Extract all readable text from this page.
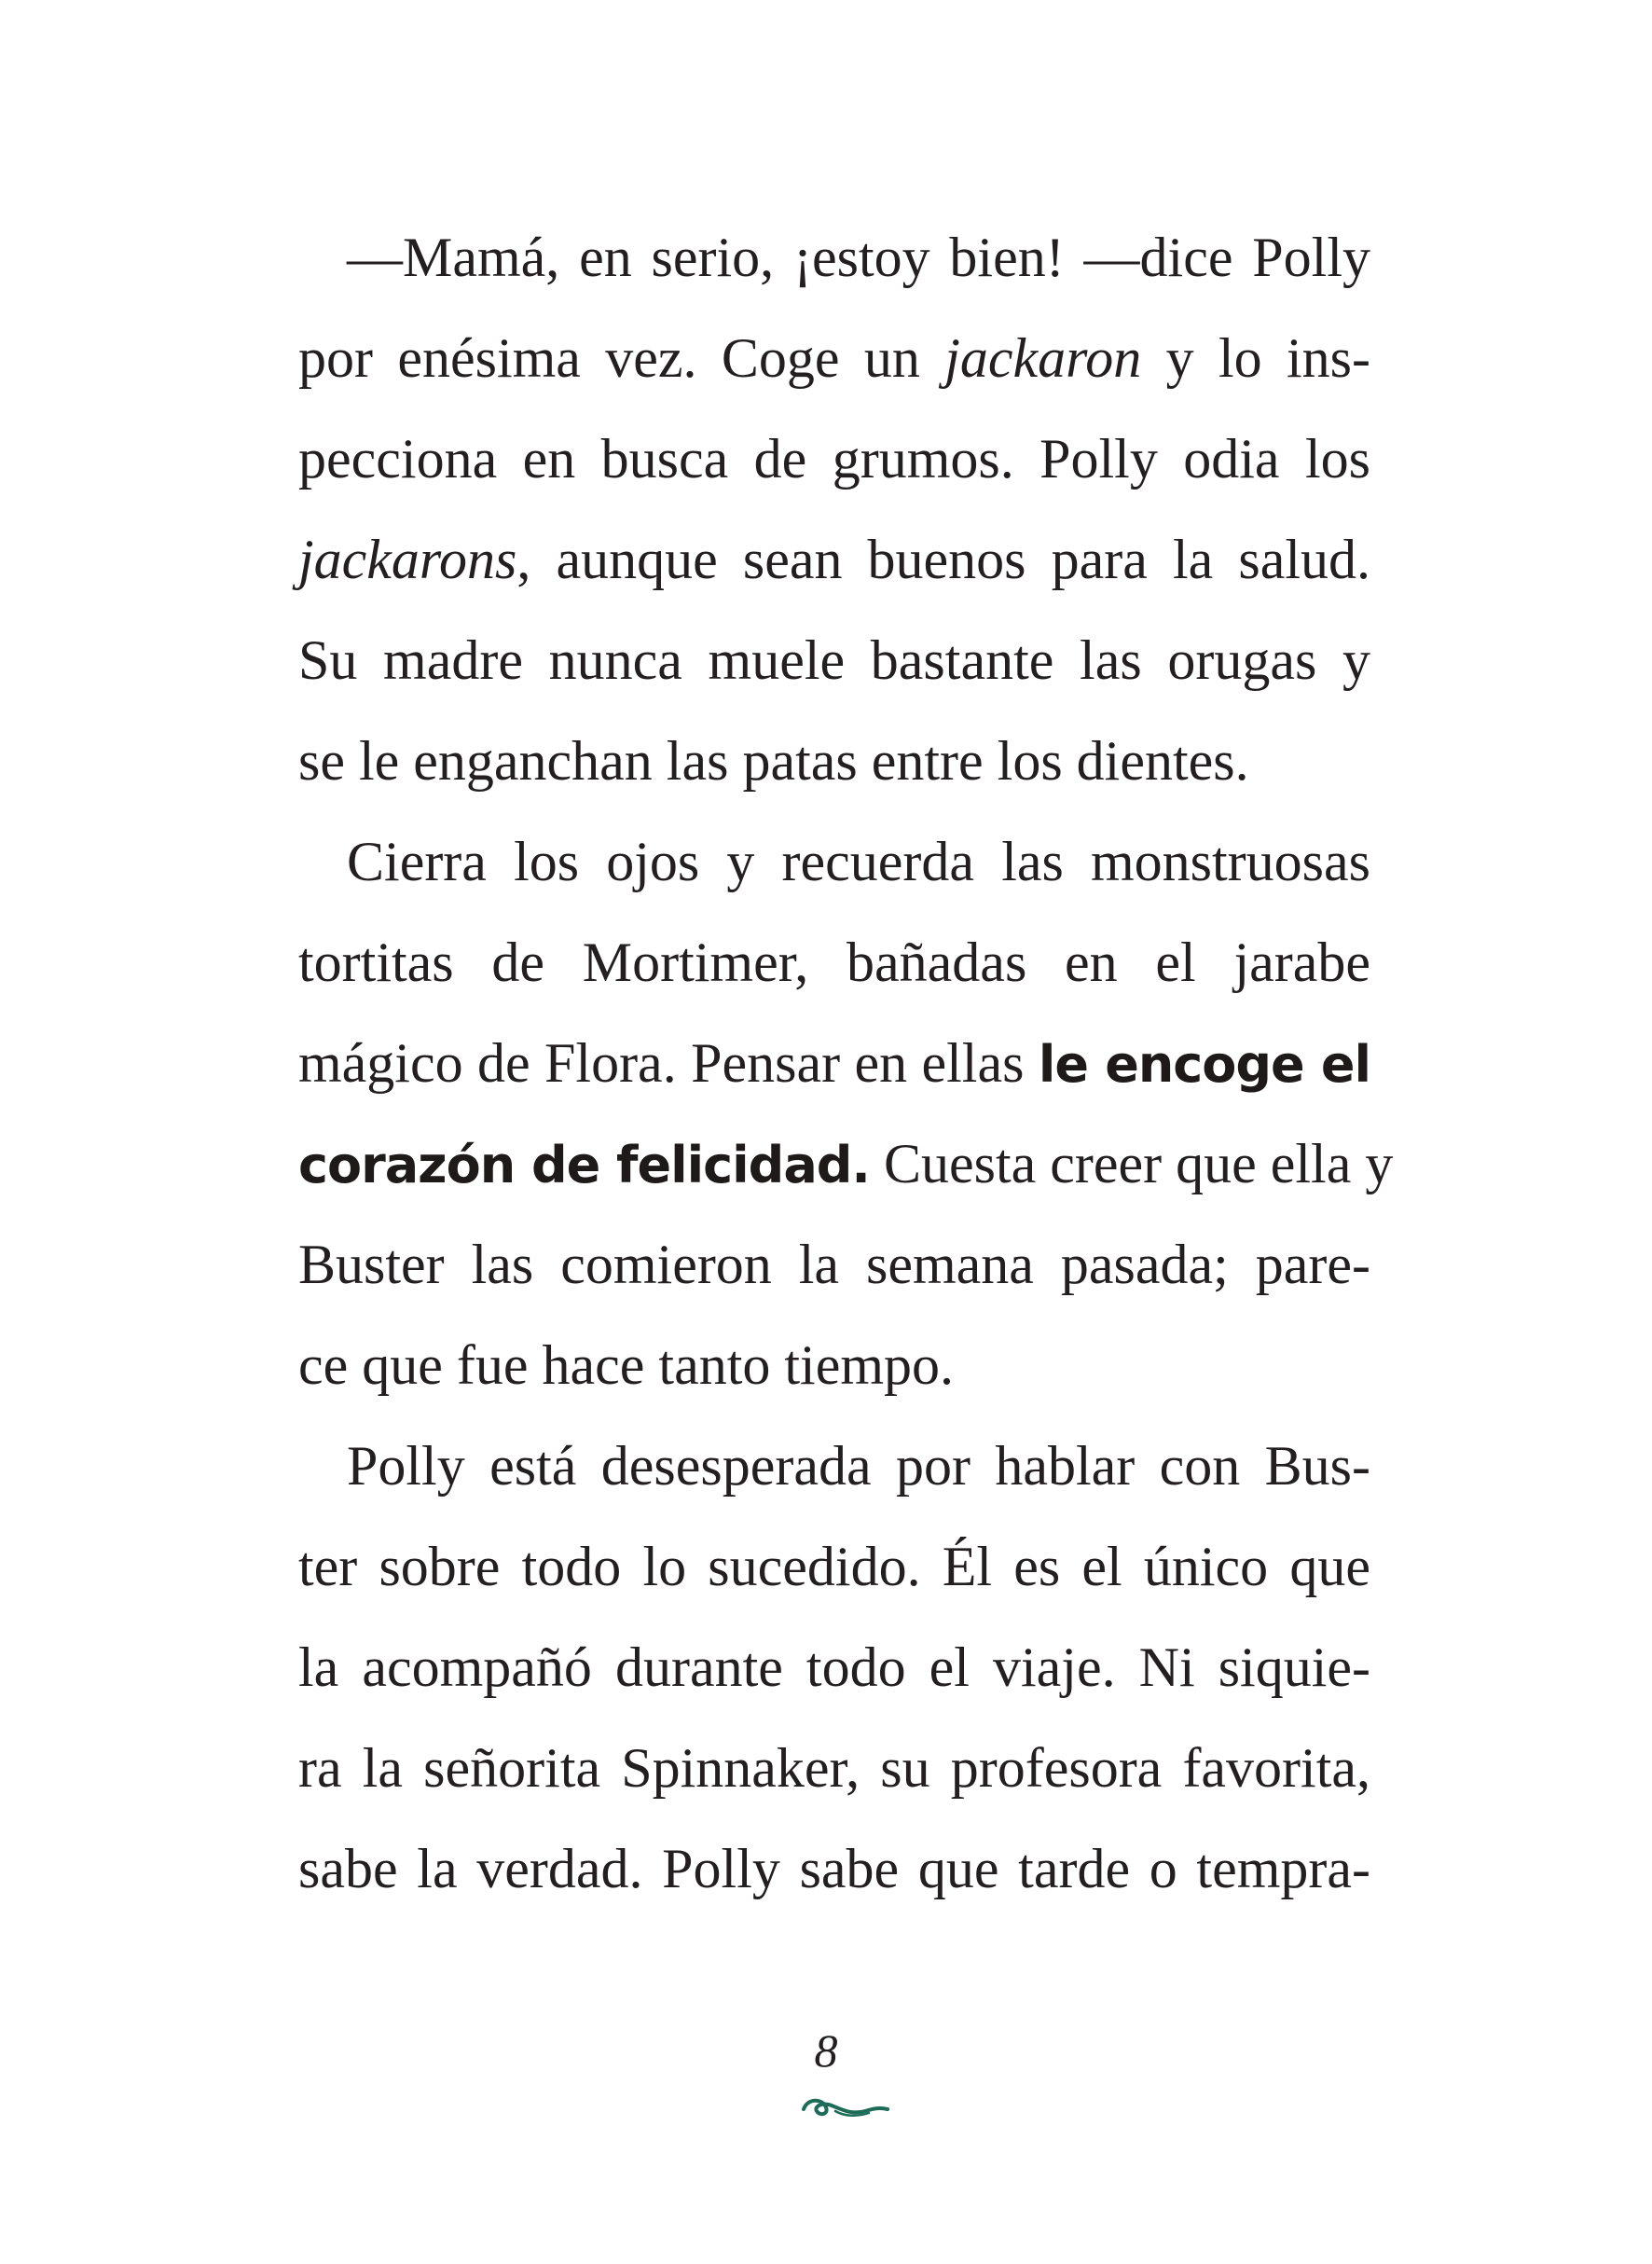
—Mamá, en serio, ¡estoy bien! —dice Polly
por enésima vez. Coge un jackaron y lo ins-
pecciona en busca de grumos. Polly odia los
jackarons, aunque sean buenos para la salud.
Su madre nunca muele bastante las orugas y
se le enganchan las patas entre los dientes.
Cierra los ojos y recuerda las monstruosas
tortitas de Mortimer, bañadas en el jarabe
mágico de Flora. Pensar en ellas le encoge el
corazón de felicidad. Cuesta creer que ella y
Buster las comieron la semana pasada; pare-
ce que fue hace tanto tiempo.
Polly está desesperada por hablar con Bus-
ter sobre todo lo sucedido. Él es el único que
la acompañó durante todo el viaje. Ni siquie-
ra la señorita Spinnaker, su profesora favorita,
sabe la verdad. Polly sabe que tarde o tempra-
8
